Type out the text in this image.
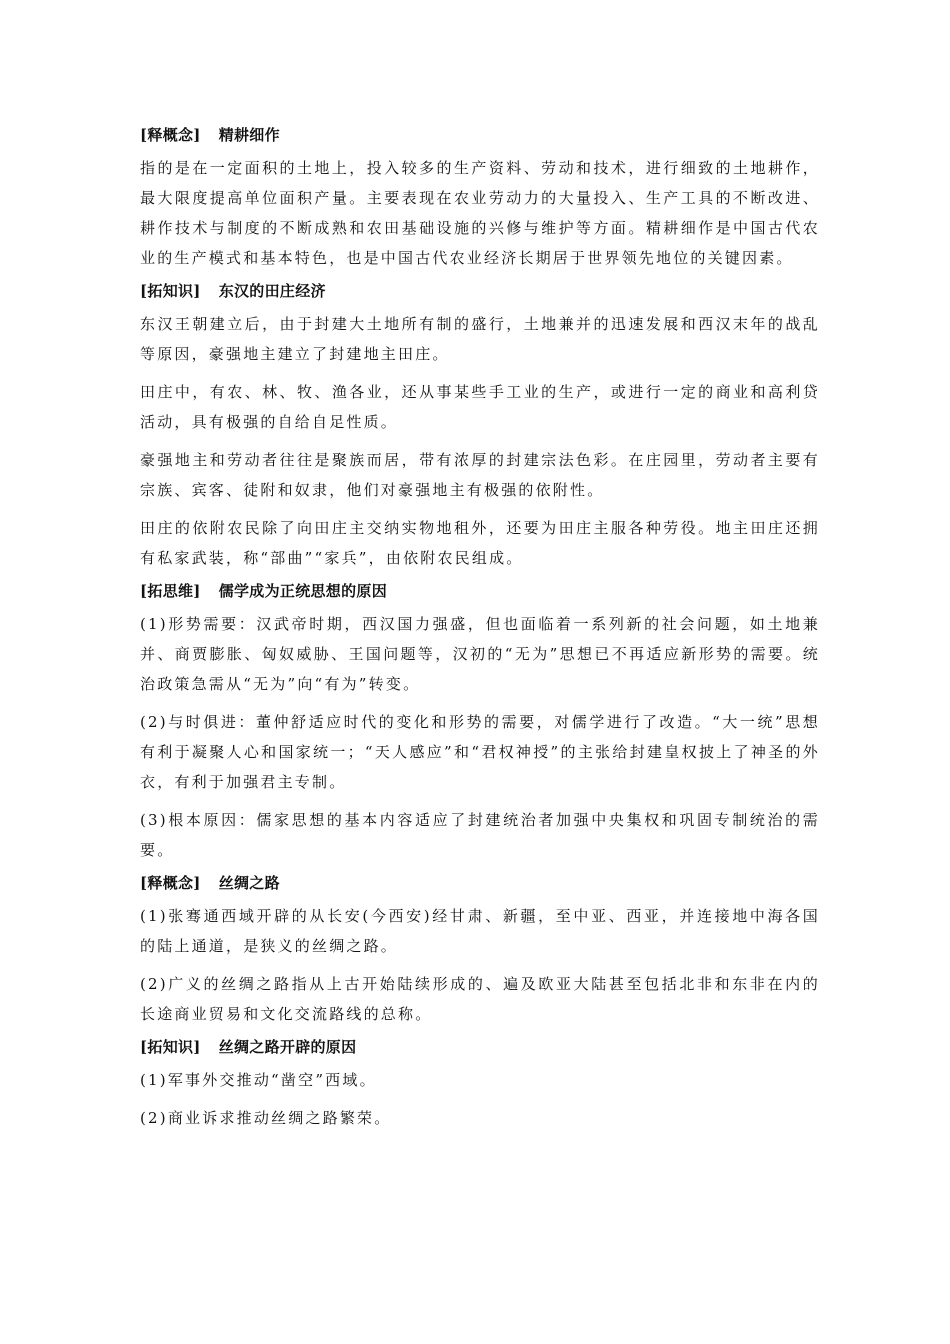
[释概念] 精耕细作

指的是在一定面积的土地上，投入较多的生产资料、劳动和技术，进行细致的土地耕作，最大限度提高单位面积产量。主要表现在农业劳动力的大量投入、生产工具的不断改进、耕作技术与制度的不断成熟和农田基础设施的兴修与维护等方面。精耕细作是中国古代农业的生产模式和基本特色，也是中国古代农业经济长期居于世界领先地位的关键因素。

[拓知识] 东汉的田庄经济

东汉王朝建立后，由于封建大土地所有制的盛行，土地兼并的迅速发展和西汉末年的战乱等原因，豪强地主建立了封建地主田庄。

田庄中，有农、林、牧、渔各业，还从事某些手工业的生产，或进行一定的商业和高利贷活动，具有极强的自给自足性质。

豪强地主和劳动者往往是聚族而居，带有浓厚的封建宗法色彩。在庄园里，劳动者主要有宗族、宾客、徒附和奴隶，他们对豪强地主有极强的依附性。

田庄的依附农民除了向田庄主交纳实物地租外，还要为田庄主服各种劳役。地主田庄还拥有私家武装，称“部曲”“家兵”，由依附农民组成。

[拓思维] 儒学成为正统思想的原因

(1)形势需要：汉武帝时期，西汉国力强盛，但也面临着一系列新的社会问题，如土地兼并、商贾膨胀、匈奴威胁、王国问题等，汉初的“无为”思想已不再适应新形势的需要。统治政策急需从“无为”向“有为”转变。

(2)与时俱进：董仲舒适应时代的变化和形势的需要，对儒学进行了改造。“大一统”思想有利于凝聚人心和国家统一；“天人感应”和“君权神授”的主张给封建皇权披上了神圣的外衣，有利于加强君主专制。

(3)根本原因：儒家思想的基本内容适应了封建统治者加强中央集权和巩固专制统治的需要。

[释概念] 丝绸之路

(1)张骞通西域开辟的从长安(今西安)经甘肃、新疆，至中亚、西亚，并连接地中海各国的陆上通道，是狭义的丝绸之路。

(2)广义的丝绸之路指从上古开始陆续形成的、遍及欧亚大陆甚至包括北非和东非在内的长途商业贸易和文化交流路线的总称。

[拓知识] 丝绸之路开辟的原因

(1)军事外交推动“凿空”西域。

(2)商业诉求推动丝绸之路繁荣。
